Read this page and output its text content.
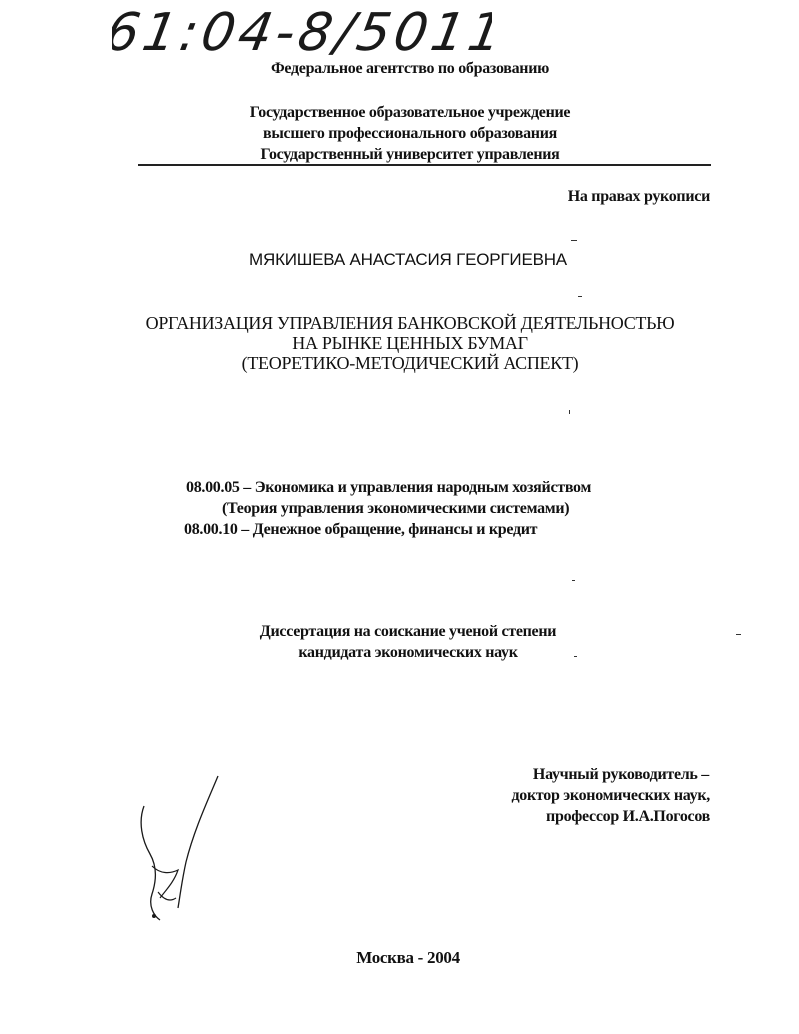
61:04-8/5011
Федеральное агентство по образованию
Государственное образовательное учреждение
высшего профессионального образования
Государственный университет управления
На правах рукописи
МЯКИШЕВА АНАСТАСИЯ ГЕОРГИЕВНА
ОРГАНИЗАЦИЯ УПРАВЛЕНИЯ БАНКОВСКОЙ ДЕЯТЕЛЬНОСТЬЮ
НА РЫНКЕ ЦЕННЫХ БУМАГ
(ТЕОРЕТИКО-МЕТОДИЧЕСКИЙ АСПЕКТ)
08.00.05 – Экономика и управления народным хозяйством
(Теория управления экономическими системами)
08.00.10 – Денежное обращение, финансы и кредит
Диссертация на соискание ученой степени
кандидата экономических наук
Научный руководитель –
доктор экономических наук,
профессор И.А.Погосов
Москва - 2004
